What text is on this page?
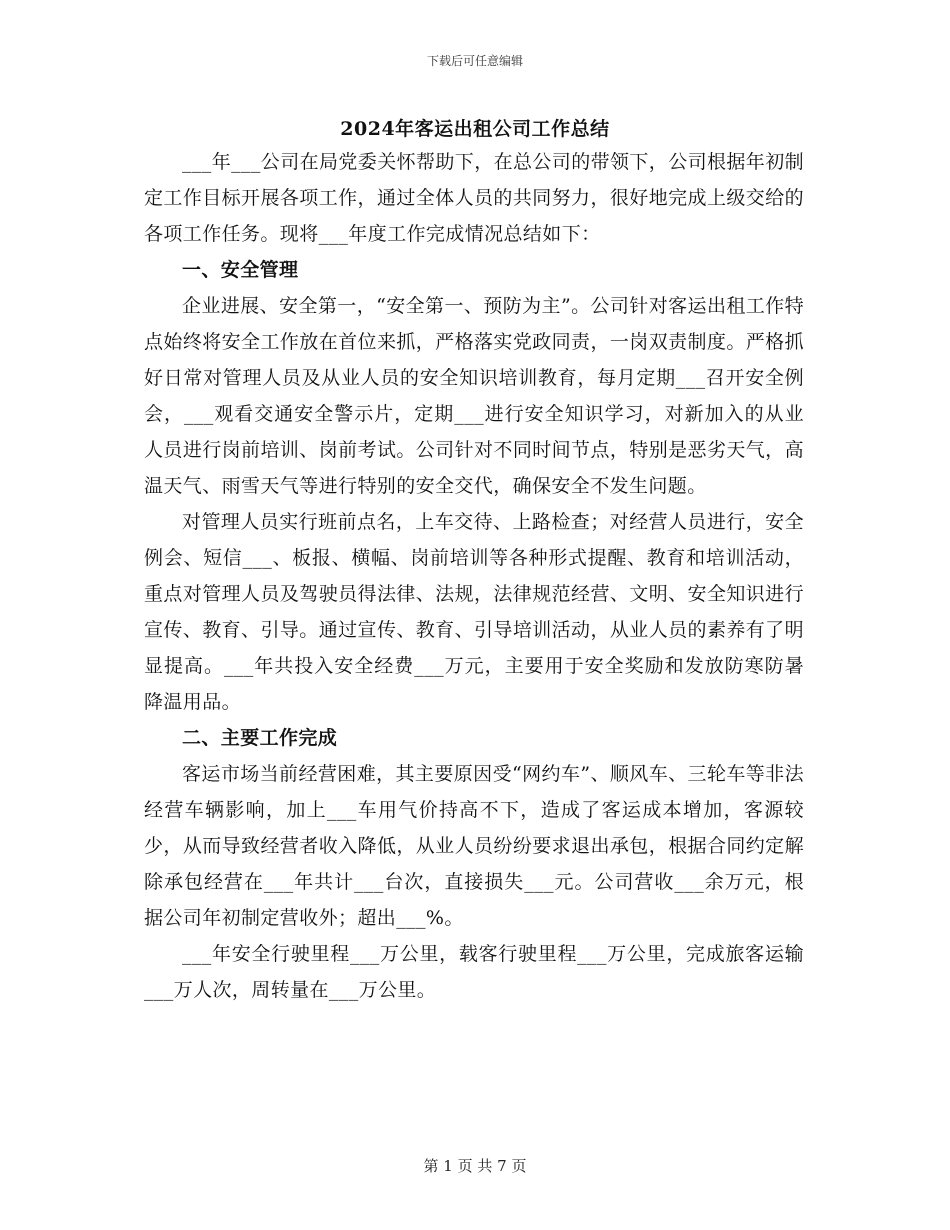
下载后可任意编辑
2024年客运出租公司工作总结

___年___公司在局党委关怀帮助下，在总公司的带领下，公司根据年初制定工作目标开展各项工作，通过全体人员的共同努力，很好地完成上级交给的各项工作任务。现将___年度工作完成情况总结如下：

一、安全管理

企业进展、安全第一，“安全第一、预防为主”。公司针对客运出租工作特点始终将安全工作放在首位来抓，严格落实党政同责，一岗双责制度。严格抓好日常对管理人员及从业人员的安全知识培训教育，每月定期___召开安全例会，___观看交通安全警示片，定期___进行安全知识学习，对新加入的从业人员进行岗前培训、岗前考试。公司针对不同时间节点，特别是恶劣天气，高温天气、雨雪天气等进行特别的安全交代，确保安全不发生问题。

对管理人员实行班前点名，上车交待、上路检查；对经营人员进行，安全例会、短信___、板报、横幅、岗前培训等各种形式提醒、教育和培训活动，重点对管理人员及驾驶员得法律、法规，法律规范经营、文明、安全知识进行宣传、教育、引导。通过宣传、教育、引导培训活动，从业人员的素养有了明显提高。___年共投入安全经费___万元，主要用于安全奖励和发放防寒防暑降温用品。

二、主要工作完成

客运市场当前经营困难，其主要原因受“网约车”、顺风车、三轮车等非法经营车辆影响，加上___车用气价持高不下，造成了客运成本增加，客源较少，从而导致经营者收入降低，从业人员纷纷要求退出承包，根据合同约定解除承包经营在___年共计___台次，直接损失___元。公司营收___余万元，根据公司年初制定营收外；超出___%。

___年安全行驶里程___万公里，载客行驶里程___万公里，完成旅客运输___万人次，周转量在___万公里。

第 1 页 共 7 页
